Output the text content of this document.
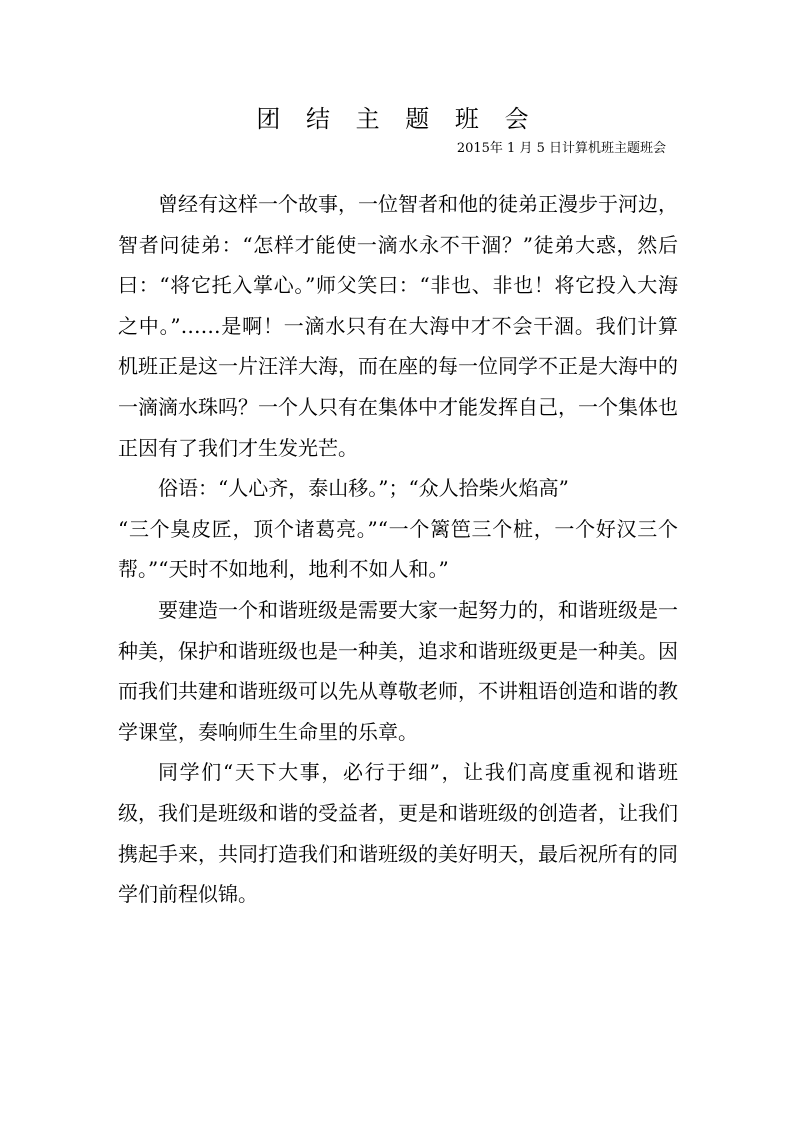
团 结 主 题 班 会

2015年 1 月 5 日计算机班主题班会

曾经有这样一个故事，一位智者和他的徒弟正漫步于河边，智者问徒弟：“怎样才能使一滴水永不干涸？”徒弟大惑，然后曰：“将它托入掌心。”师父笑曰：“非也、非也！将它投入大海之中。”……是啊！一滴水只有在大海中才不会干涸。我们计算机班正是这一片汪洋大海，而在座的每一位同学不正是大海中的一滴滴水珠吗？一个人只有在集体中才能发挥自己，一个集体也正因有了我们才生发光芒。

俗语：“人心齐，泰山移。”；“众人拾柴火焰高”

“三个臭皮匠，顶个诸葛亮。”“一个篱笆三个桩，一个好汉三个帮。”“天时不如地利，地利不如人和。”

要建造一个和谐班级是需要大家一起努力的，和谐班级是一种美，保护和谐班级也是一种美，追求和谐班级更是一种美。因而我们共建和谐班级可以先从尊敬老师，不讲粗语创造和谐的教学课堂，奏响师生生命里的乐章。

同学们“天下大事，必行于细”，让我们高度重视和谐班级，我们是班级和谐的受益者，更是和谐班级的创造者，让我们携起手来，共同打造我们和谐班级的美好明天，最后祝所有的同学们前程似锦。
